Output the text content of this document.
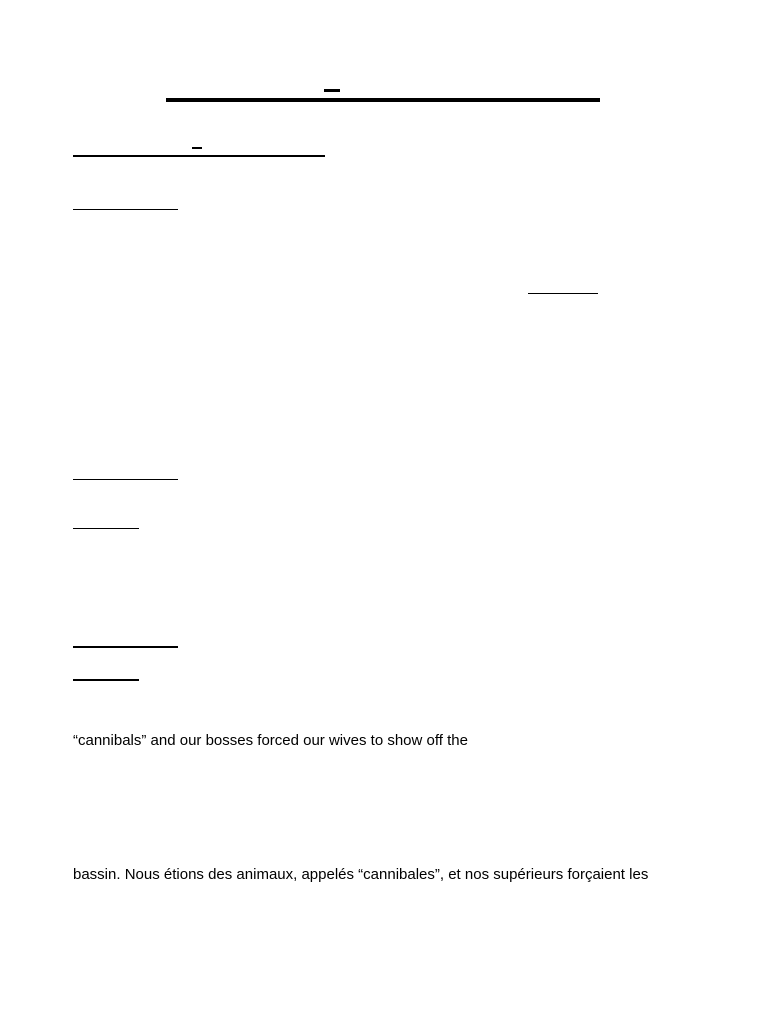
“cannibals” and our bosses forced our wives to show off the
bassin. Nous étions des animaux, appelés “cannibales”, et nos supérieurs forçaient les
